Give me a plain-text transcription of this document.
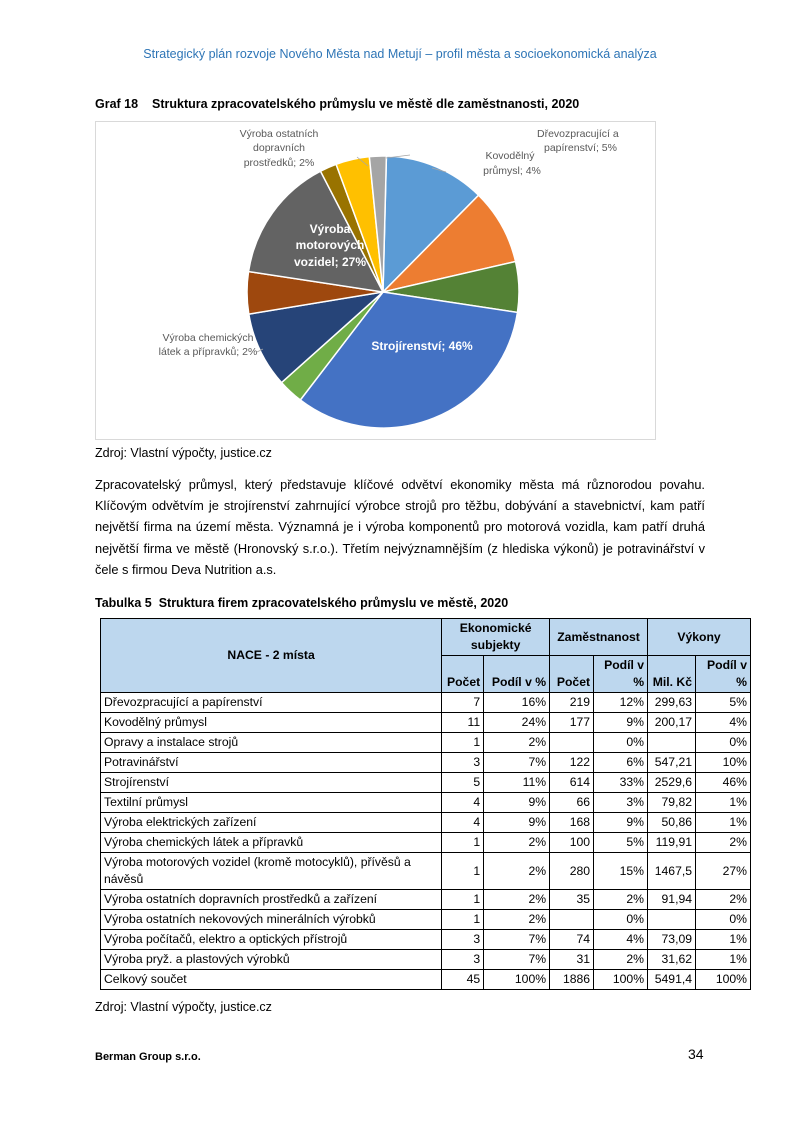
Strategický plán rozvoje Nového Města nad Metují – profil města a socioekonomická analýza
Graf 18 Struktura zpracovatelského průmyslu ve městě dle zaměstnanosti, 2020
Dřevozpracující a
papírenství; 5%
Kovodělný
průmysl; 4%
Výroba ostatních
dopravních
prostředků; 2%
Výroba chemických
látek a přípravků; 2%
Výroba
motorových
vozidel; 27%
Strojírenství; 46%
Zdroj: Vlastní výpočty, justice.cz
Zpracovatelský průmysl, který představuje klíčové odvětví ekonomiky města má různorodou povahu. Klíčovým odvětvím je strojírenství zahrnující výrobce strojů pro těžbu, dobývání a stavebnictví, kam patří největší firma na území města. Významná je i výroba komponentů pro motorová vozidla, kam patří druhá největší firma ve městě (Hronovský s.r.o.). Třetím nejvýznamnějším (z hlediska výkonů) je potravinářství v čele s firmou Deva Nutrition a.s.
Tabulka 5 Struktura firem zpracovatelského průmyslu ve městě, 2020
NACE - 2 místa	Ekonomické subjekty		Zaměstnanost		Výkony	
	Počet	Podíl v %	Počet	Podíl v %	Mil. Kč	Podíl v %
Dřevozpracující a papírenství	7	16%	219	12%	299,63	5%
Kovodělný průmysl	11	24%	177	9%	200,17	4%
Opravy a instalace strojů	1	2%		0%		0%
Potravinářství	3	7%	122	6%	547,21	10%
Strojírenství	5	11%	614	33%	2529,6	46%
Textilní průmysl	4	9%	66	3%	79,82	1%
Výroba elektrických zařízení	4	9%	168	9%	50,86	1%
Výroba chemických látek a přípravků	1	2%	100	5%	119,91	2%
Výroba motorových vozidel (kromě motocyklů), přívěsů a návěsů	1	2%	280	15%	1467,5	27%
Výroba ostatních dopravních prostředků a zařízení	1	2%	35	2%	91,94	2%
Výroba ostatních nekovových minerálních výrobků	1	2%		0%		0%
Výroba počítačů, elektro a optických přístrojů	3	7%	74	4%	73,09	1%
Výroba pryž. a plastových výrobků	3	7%	31	2%	31,62	1%
Celkový součet	45	100%	1886	100%	5491,4	100%
Zdroj: Vlastní výpočty, justice.cz
Berman Group s.r.o.	34
